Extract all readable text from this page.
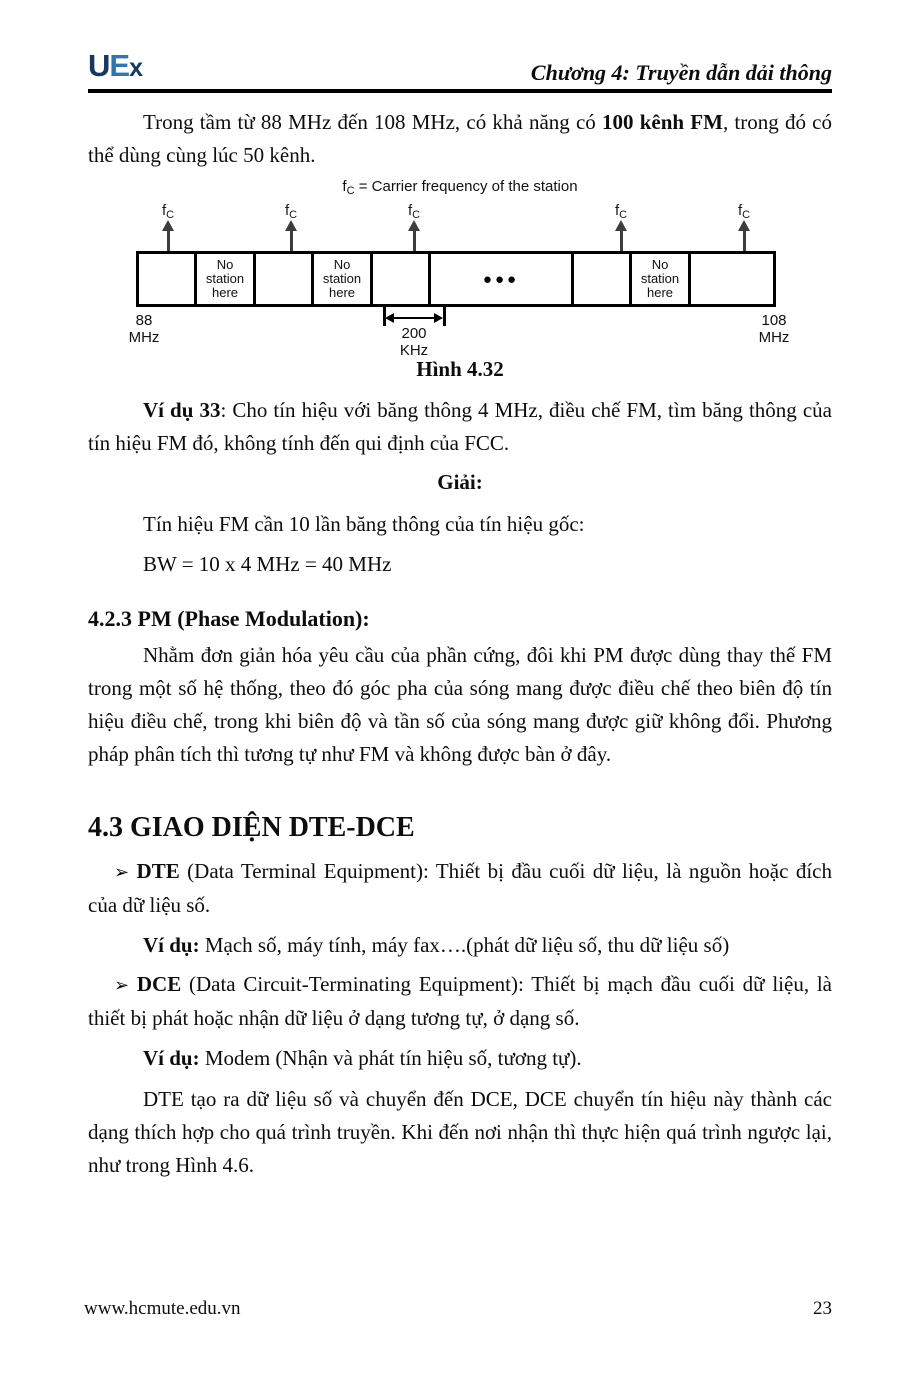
UEx	Chương 4: Truyền dẫn dải thông

Trong tầm từ 88 MHz đến 108 MHz, có khả năng có 100 kênh FM, trong đó có thể dùng cùng lúc 50 kênh.

$f_C$ = Carrier frequency of the station
$f_C$	$f_C$	$f_C$	$f_C$	$f_C$
No station here
No station here
●●●
No station here
88
MHz
108
MHz
200
KHz

Hình 4.32

Ví dụ 33: Cho tín hiệu với băng thông 4 MHz, điều chế FM, tìm băng thông của tín hiệu FM đó, không tính đến qui định của FCC.

Giải:

Tín hiệu FM cần 10 lần băng thông của tín hiệu gốc:

BW = 10 x 4 MHz = 40 MHz

4.2.3 PM (Phase Modulation):

Nhằm đơn giản hóa yêu cầu của phần cứng, đôi khi PM được dùng thay thế FM trong một số hệ thống, theo đó góc pha của sóng mang được điều chế theo biên độ tín hiệu điều chế, trong khi biên độ và tần số của sóng mang được giữ không đổi. Phương pháp phân tích thì tương tự như FM và không được bàn ở đây.

4.3 GIAO DIỆN DTE-DCE

➢ DTE (Data Terminal Equipment): Thiết bị đầu cuối dữ liệu, là nguồn hoặc đích của dữ liệu số.

Ví dụ: Mạch số, máy tính, máy fax….(phát dữ liệu số, thu dữ liệu số)

➢ DCE (Data Circuit-Terminating Equipment): Thiết bị mạch đầu cuối dữ liệu, là thiết bị phát hoặc nhận dữ liệu ở dạng tương tự, ở dạng số.

Ví dụ: Modem (Nhận và phát tín hiệu số, tương tự).

DTE tạo ra dữ liệu số và chuyển đến DCE, DCE chuyển tín hiệu này thành các dạng thích hợp cho quá trình truyền. Khi đến nơi nhận thì thực hiện quá trình ngược lại, như trong Hình 4.6.

www.hcmute.edu.vn	23
